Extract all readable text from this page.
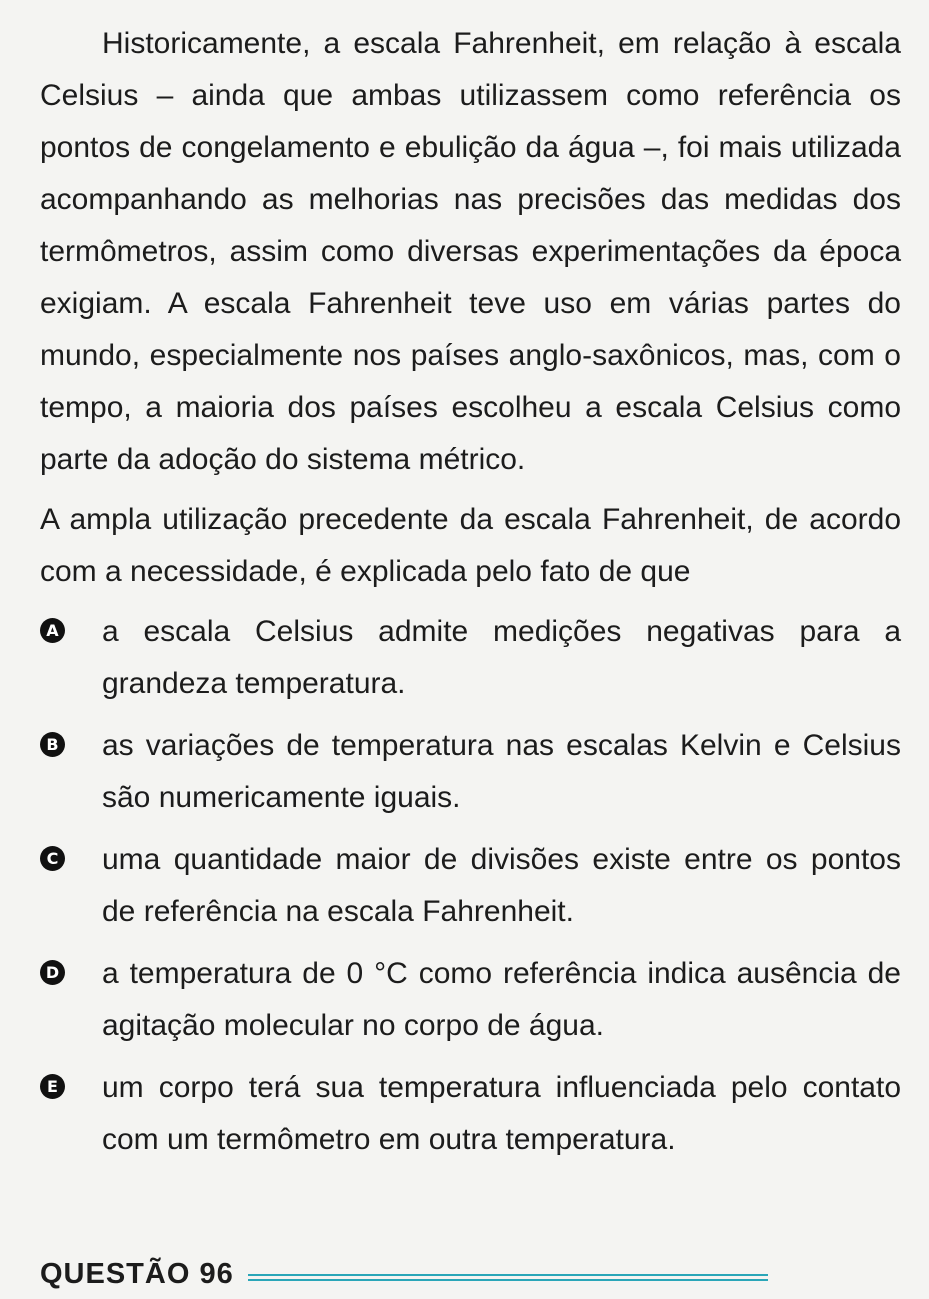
Historicamente, a escala Fahrenheit, em relação à escala Celsius – ainda que ambas utilizassem como referência os pontos de congelamento e ebulição da água –, foi mais utilizada acompanhando as melhorias nas precisões das medidas dos termômetros, assim como diversas experimentações da época exigiam. A escala Fahrenheit teve uso em várias partes do mundo, especialmente nos países anglo-saxônicos, mas, com o tempo, a maioria dos países escolheu a escala Celsius como parte da adoção do sistema métrico.

A ampla utilização precedente da escala Fahrenheit, de acordo com a necessidade, é explicada pelo fato de que

A a escala Celsius admite medições negativas para a grandeza temperatura.

B as variações de temperatura nas escalas Kelvin e Celsius são numericamente iguais.

C uma quantidade maior de divisões existe entre os pontos de referência na escala Fahrenheit.

D a temperatura de 0 °C como referência indica ausência de agitação molecular no corpo de água.

E um corpo terá sua temperatura influenciada pelo contato com um termômetro em outra temperatura.

QUESTÃO 96
